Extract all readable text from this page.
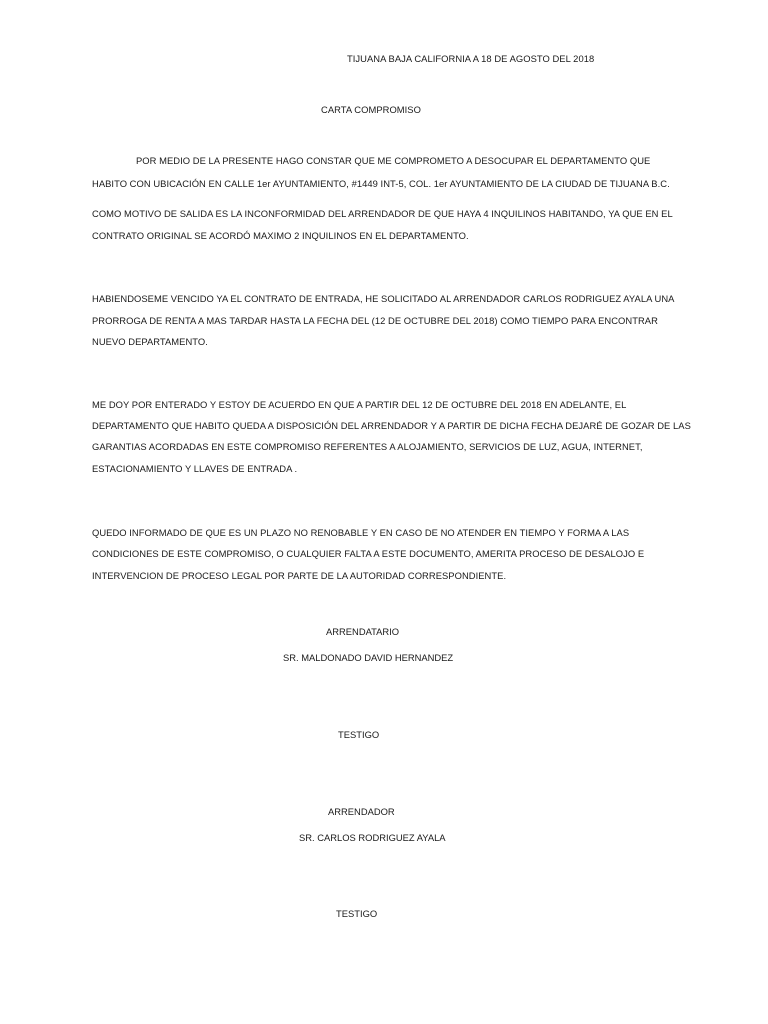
TIJUANA BAJA CALIFORNIA A 18 DE AGOSTO DEL 2018
CARTA COMPROMISO
POR MEDIO DE LA PRESENTE HAGO CONSTAR QUE ME COMPROMETO A DESOCUPAR EL DEPARTAMENTO QUE
HABITO CON UBICACIÓN EN CALLE 1er AYUNTAMIENTO, #1449 INT-5, COL. 1er AYUNTAMIENTO DE LA CIUDAD DE TIJUANA B.C.
COMO MOTIVO DE SALIDA ES LA INCONFORMIDAD DEL ARRENDADOR DE QUE HAYA 4 INQUILINOS HABITANDO, YA QUE EN EL
CONTRATO ORIGINAL SE ACORDÓ MAXIMO 2 INQUILINOS EN EL DEPARTAMENTO.
HABIENDOSEME VENCIDO YA EL CONTRATO DE ENTRADA, HE SOLICITADO AL ARRENDADOR CARLOS RODRIGUEZ AYALA UNA
PRORROGA DE RENTA A MAS TARDAR HASTA LA FECHA DEL (12 DE OCTUBRE DEL 2018) COMO TIEMPO PARA ENCONTRAR
NUEVO DEPARTAMENTO.
ME DOY POR ENTERADO Y ESTOY DE ACUERDO EN QUE A PARTIR DEL 12 DE OCTUBRE DEL 2018 EN ADELANTE, EL
DEPARTAMENTO QUE HABITO QUEDA A DISPOSICIÓN DEL ARRENDADOR Y A PARTIR DE DICHA FECHA DEJARÉ DE GOZAR DE LAS
GARANTIAS ACORDADAS EN ESTE COMPROMISO REFERENTES A ALOJAMIENTO, SERVICIOS DE LUZ, AGUA, INTERNET,
ESTACIONAMIENTO Y LLAVES DE ENTRADA .
QUEDO INFORMADO DE QUE ES UN PLAZO NO RENOBABLE Y EN CASO DE NO ATENDER EN TIEMPO Y FORMA A LAS
CONDICIONES DE ESTE COMPROMISO, O CUALQUIER FALTA A ESTE DOCUMENTO, AMERITA PROCESO DE DESALOJO E
INTERVENCION DE PROCESO LEGAL POR PARTE DE LA AUTORIDAD CORRESPONDIENTE.
ARRENDATARIO
SR. MALDONADO DAVID HERNANDEZ
TESTIGO
ARRENDADOR
SR. CARLOS RODRIGUEZ AYALA
TESTIGO
